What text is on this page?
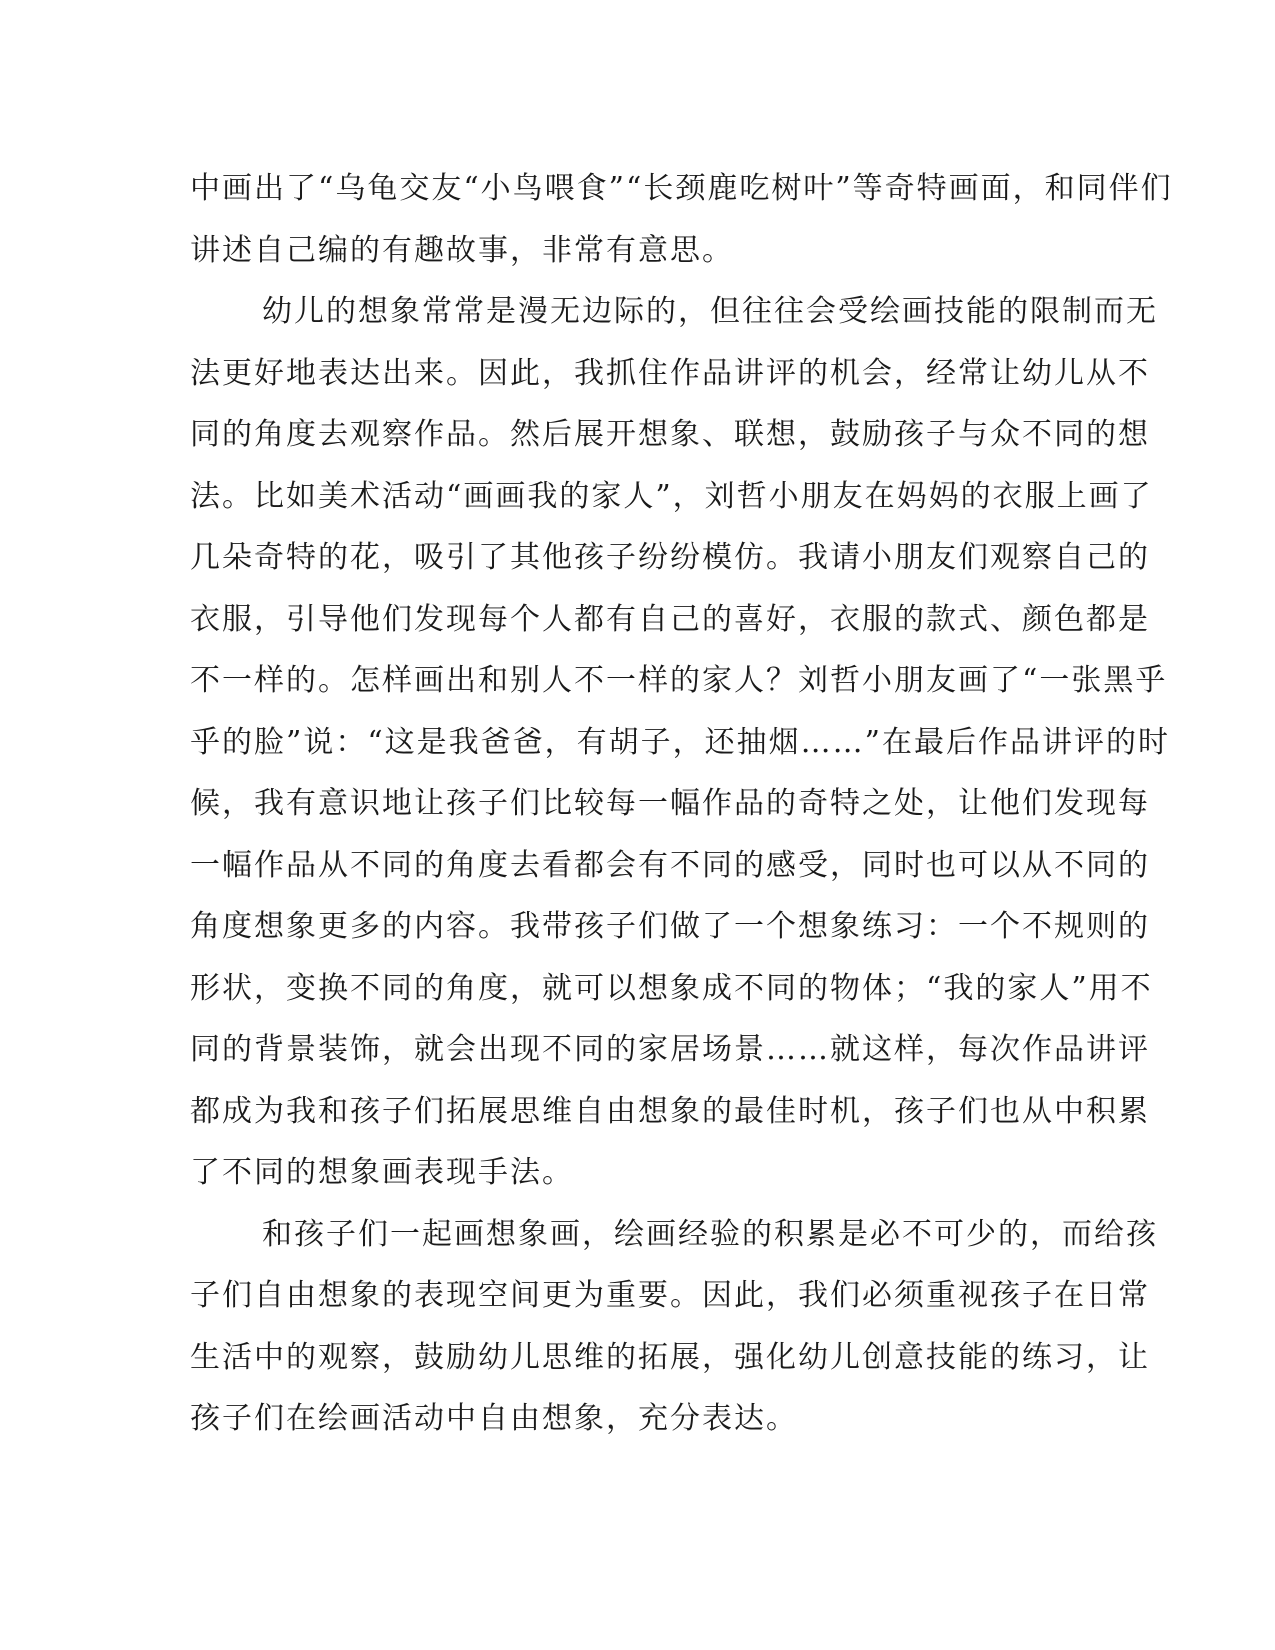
中画出了“乌龟交友“小鸟喂食”“长颈鹿吃树叶”等奇特画面，和同伴们
讲述自己编的有趣故事，非常有意思。
幼儿的想象常常是漫无边际的，但往往会受绘画技能的限制而无
法更好地表达出来。因此，我抓住作品讲评的机会，经常让幼儿从不
同的角度去观察作品。然后展开想象、联想，鼓励孩子与众不同的想
法。比如美术活动“画画我的家人”，刘哲小朋友在妈妈的衣服上画了
几朵奇特的花，吸引了其他孩子纷纷模仿。我请小朋友们观察自己的
衣服，引导他们发现每个人都有自己的喜好，衣服的款式、颜色都是
不一样的。怎样画出和别人不一样的家人？刘哲小朋友画了“一张黑乎
乎的脸”说：“这是我爸爸，有胡子，还抽烟……”在最后作品讲评的时
候，我有意识地让孩子们比较每一幅作品的奇特之处，让他们发现每
一幅作品从不同的角度去看都会有不同的感受，同时也可以从不同的
角度想象更多的内容。我带孩子们做了一个想象练习：一个不规则的
形状，变换不同的角度，就可以想象成不同的物体；“我的家人”用不
同的背景装饰，就会出现不同的家居场景……就这样，每次作品讲评
都成为我和孩子们拓展思维自由想象的最佳时机，孩子们也从中积累
了不同的想象画表现手法。
和孩子们一起画想象画，绘画经验的积累是必不可少的，而给孩
子们自由想象的表现空间更为重要。因此，我们必须重视孩子在日常
生活中的观察，鼓励幼儿思维的拓展，强化幼儿创意技能的练习，让
孩子们在绘画活动中自由想象，充分表达。
